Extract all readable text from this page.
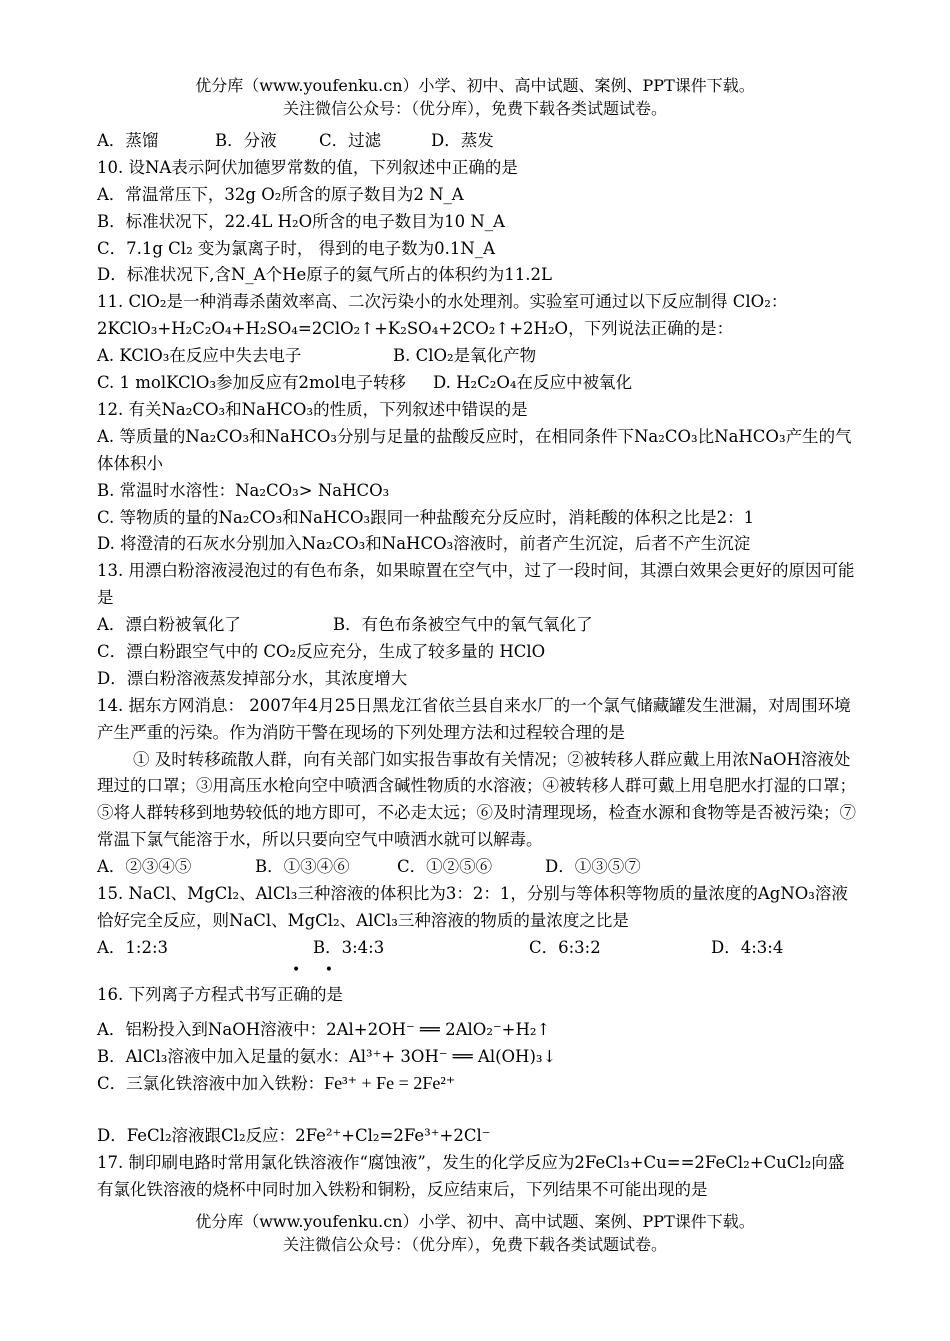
优分库（www.youfenku.cn）小学、初中、高中试题、案例、PPT课件下载。
关注微信公众号：（优分库），免费下载各类试题试卷。
A．蒸馏	B．分液	C．过滤	D．蒸发
10. 设NA表示阿伏加德罗常数的值，下列叙述中正确的是
A．常温常压下，32g O₂所含的原子数目为2 N_A
B．标准状况下，22.4L H₂O所含的电子数目为10 N_A
C．7.1g Cl₂ 变为氯离子时， 得到的电子数为0.1N_A
D．标准状况下,含N_A个He原子的氦气所占的体积约为11.2L
11. ClO₂是一种消毒杀菌效率高、二次污染小的水处理剂。实验室可通过以下反应制得 ClO₂：
2KClO₃+H₂C₂O₄+H₂SO₄=2ClO₂↑+K₂SO₄+2CO₂↑+2H₂O，下列说法正确的是：
A. KClO₃在反应中失去电子	B. ClO₂是氧化产物
C. 1 molKClO₃参加反应有2mol电子转移 D. H₂C₂O₄在反应中被氧化
12. 有关Na₂CO₃和NaHCO₃的性质，下列叙述中错误的是
A. 等质量的Na₂CO₃和NaHCO₃分别与足量的盐酸反应时，在相同条件下Na₂CO₃比NaHCO₃产生的气体体积小
B. 常温时水溶性：Na₂CO₃> NaHCO₃
C. 等物质的量的Na₂CO₃和NaHCO₃跟同一种盐酸充分反应时，消耗酸的体积之比是2：1
D. 将澄清的石灰水分别加入Na₂CO₃和NaHCO₃溶液时，前者产生沉淀，后者不产生沉淀
13. 用漂白粉溶液浸泡过的有色布条，如果晾置在空气中，过了一段时间，其漂白效果会更好的原因可能是
A．漂白粉被氧化了	B．有色布条被空气中的氧气氧化了
C．漂白粉跟空气中的 CO₂反应充分，生成了较多量的 HClO
D．漂白粉溶液蒸发掉部分水，其浓度增大
14. 据东方网消息： 2007年4月25日黑龙江省依兰县自来水厂的一个氯气储藏罐发生泄漏，对周围环境产生严重的污染。作为消防干警在现场的下列处理方法和过程较合理的是
① 及时转移疏散人群，向有关部门如实报告事故有关情况；②被转移人群应戴上用浓NaOH溶液处理过的口罩；③用高压水枪向空中喷洒含碱性物质的水溶液；④被转移人群可戴上用皂肥水打湿的口罩；⑤将人群转移到地势较低的地方即可，不必走太远；⑥及时清理现场，检查水源和食物等是否被污染；⑦常温下氯气能溶于水，所以只要向空气中喷洒水就可以解毒。
A．②③④⑤	B．①③④⑥	C．①②⑤⑥	D．①③⑤⑦
15. NaCl、MgCl₂、AlCl₃三种溶液的体积比为3：2：1，分别与等体积等物质的量浓度的AgNO₃溶液恰好完全反应，则NaCl、MgCl₂、AlCl₃三种溶液的物质的量浓度之比是
A．1:2:3	B．3:4:3	C．6:3:2	D．4:3:4
• •
16. 下列离子方程式书写正确的是
A．铝粉投入到NaOH溶液中：2Al+2OH⁻ ══ 2AlO₂⁻+H₂↑
B．AlCl₃溶液中加入足量的氨水：Al³⁺+ 3OH⁻ ══ Al(OH)₃↓
C．三氯化铁溶液中加入铁粉：Fe³⁺ + Fe = 2Fe²⁺
D．FeCl₂溶液跟Cl₂反应：2Fe²⁺+Cl₂=2Fe³⁺+2Cl⁻
17. 制印刷电路时常用氯化铁溶液作“腐蚀液”，发生的化学反应为2FeCl₃+Cu==2FeCl₂+CuCl₂向盛有氯化铁溶液的烧杯中同时加入铁粉和铜粉，反应结束后，下列结果不可能出现的是
优分库（www.youfenku.cn）小学、初中、高中试题、案例、PPT课件下载。
关注微信公众号：（优分库），免费下载各类试题试卷。
